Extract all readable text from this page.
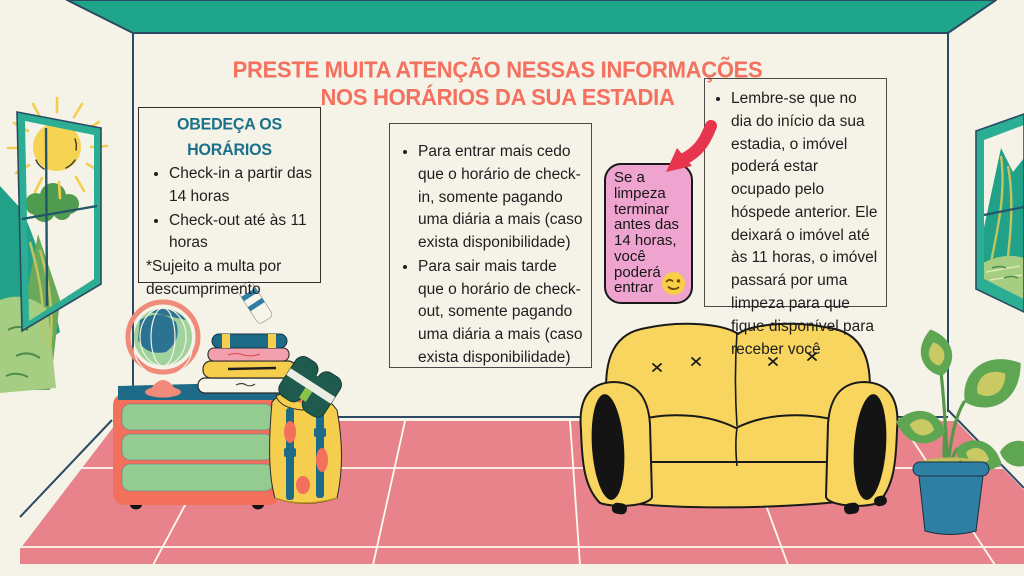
PRESTE MUITA ATENÇÃO NESSAS INFORMAÇÕES
NOS HORÁRIOS DA SUA ESTADIA
OBEDEÇA OS HORÁRIOS
• Check-in a partir das 14 horas
• Check-out até às 11 horas

*Sujeito a multa por descumprimento

• Para entrar mais cedo que o horário de check-in, somente pagando uma diária a mais (caso exista disponibilidade)
• Para sair mais tarde que o horário de check-out, somente pagando uma diária a mais (caso exista disponibilidade)
Se a limpeza terminar antes das 14 horas, você poderá entrar
• Lembre-se que no dia do início da sua estadia, o imóvel poderá estar ocupado pelo hóspede anterior. Ele deixará o imóvel até às 11 horas, o imóvel passará por uma limpeza para que fique disponível para receber você
